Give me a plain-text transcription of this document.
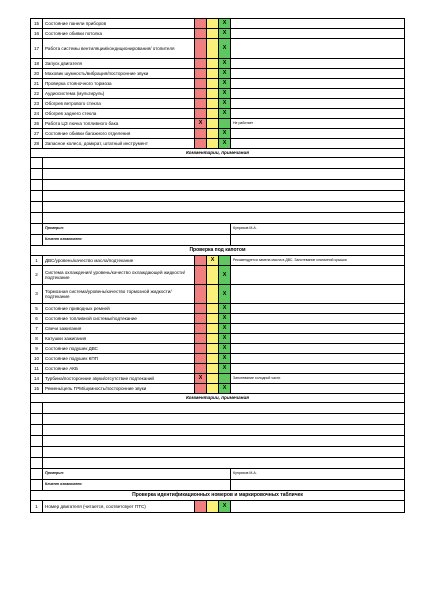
15	Состояние панели приборов			X	
16	Состояние обивки потолка			X	
17	Работа системы вентиляции/кондиционирования/ отопителя			X	
18	Запуск двигателя			X	
20	Маховик шумность/вибрация/посторонние звуки			X	
21	Проверка стояночного тормоза			X	
22	Аудиосистема (мультируль)			X	
23	Обогрев ветрового стекла			X	
24	Обогрев заднего стекла			X	
26	Работа ЦЗ лючка топливного бака	X			Не работает
27	Состояние обивки багажного отделения			X	
28	Запасное колесо, домкрат, штатный инструмент			X	
Комментарии, примечания					

	Проверил:				Купряхов М.А.
	Клиент ознакомлен:				
Проверка под капотом					
1	ДВС/уровень/качество масла/подтекание		X		Рекомендуется замена масла в ДВС. Запотевание клапанной крышки
2	Система охлаждения/ уровень/качество охлаждающей жидкости/подтекание			X	
3	Тормозная система/уровень/качество тормозной жидкости/подтекание			X	
5	Состояние приводных ремней			X	
6	Состояние топливной системы/подтекание			X	
7	Свечи зажигания			X	
8	Катушки зажигания			X	
9	Состояние подушек ДВС			X	
10	Состояние подушек КПП			X	
11	Состояние АКБ			X	
14	Турбина/посторонние звуки/отсутствие подтеканий	X			Запотевание холодной части
15	Ремень/цепь ГРМ/шумность/посторонние звуки			X	
Комментарии, примечания					

	Проверил:				Купряхов М.А.
	Клиент ознакомлен:				
Проверка идентификационных номеров и маркировочных табличек					
1	Номер двигателя (читается, соответсвует ПТС)			X	
